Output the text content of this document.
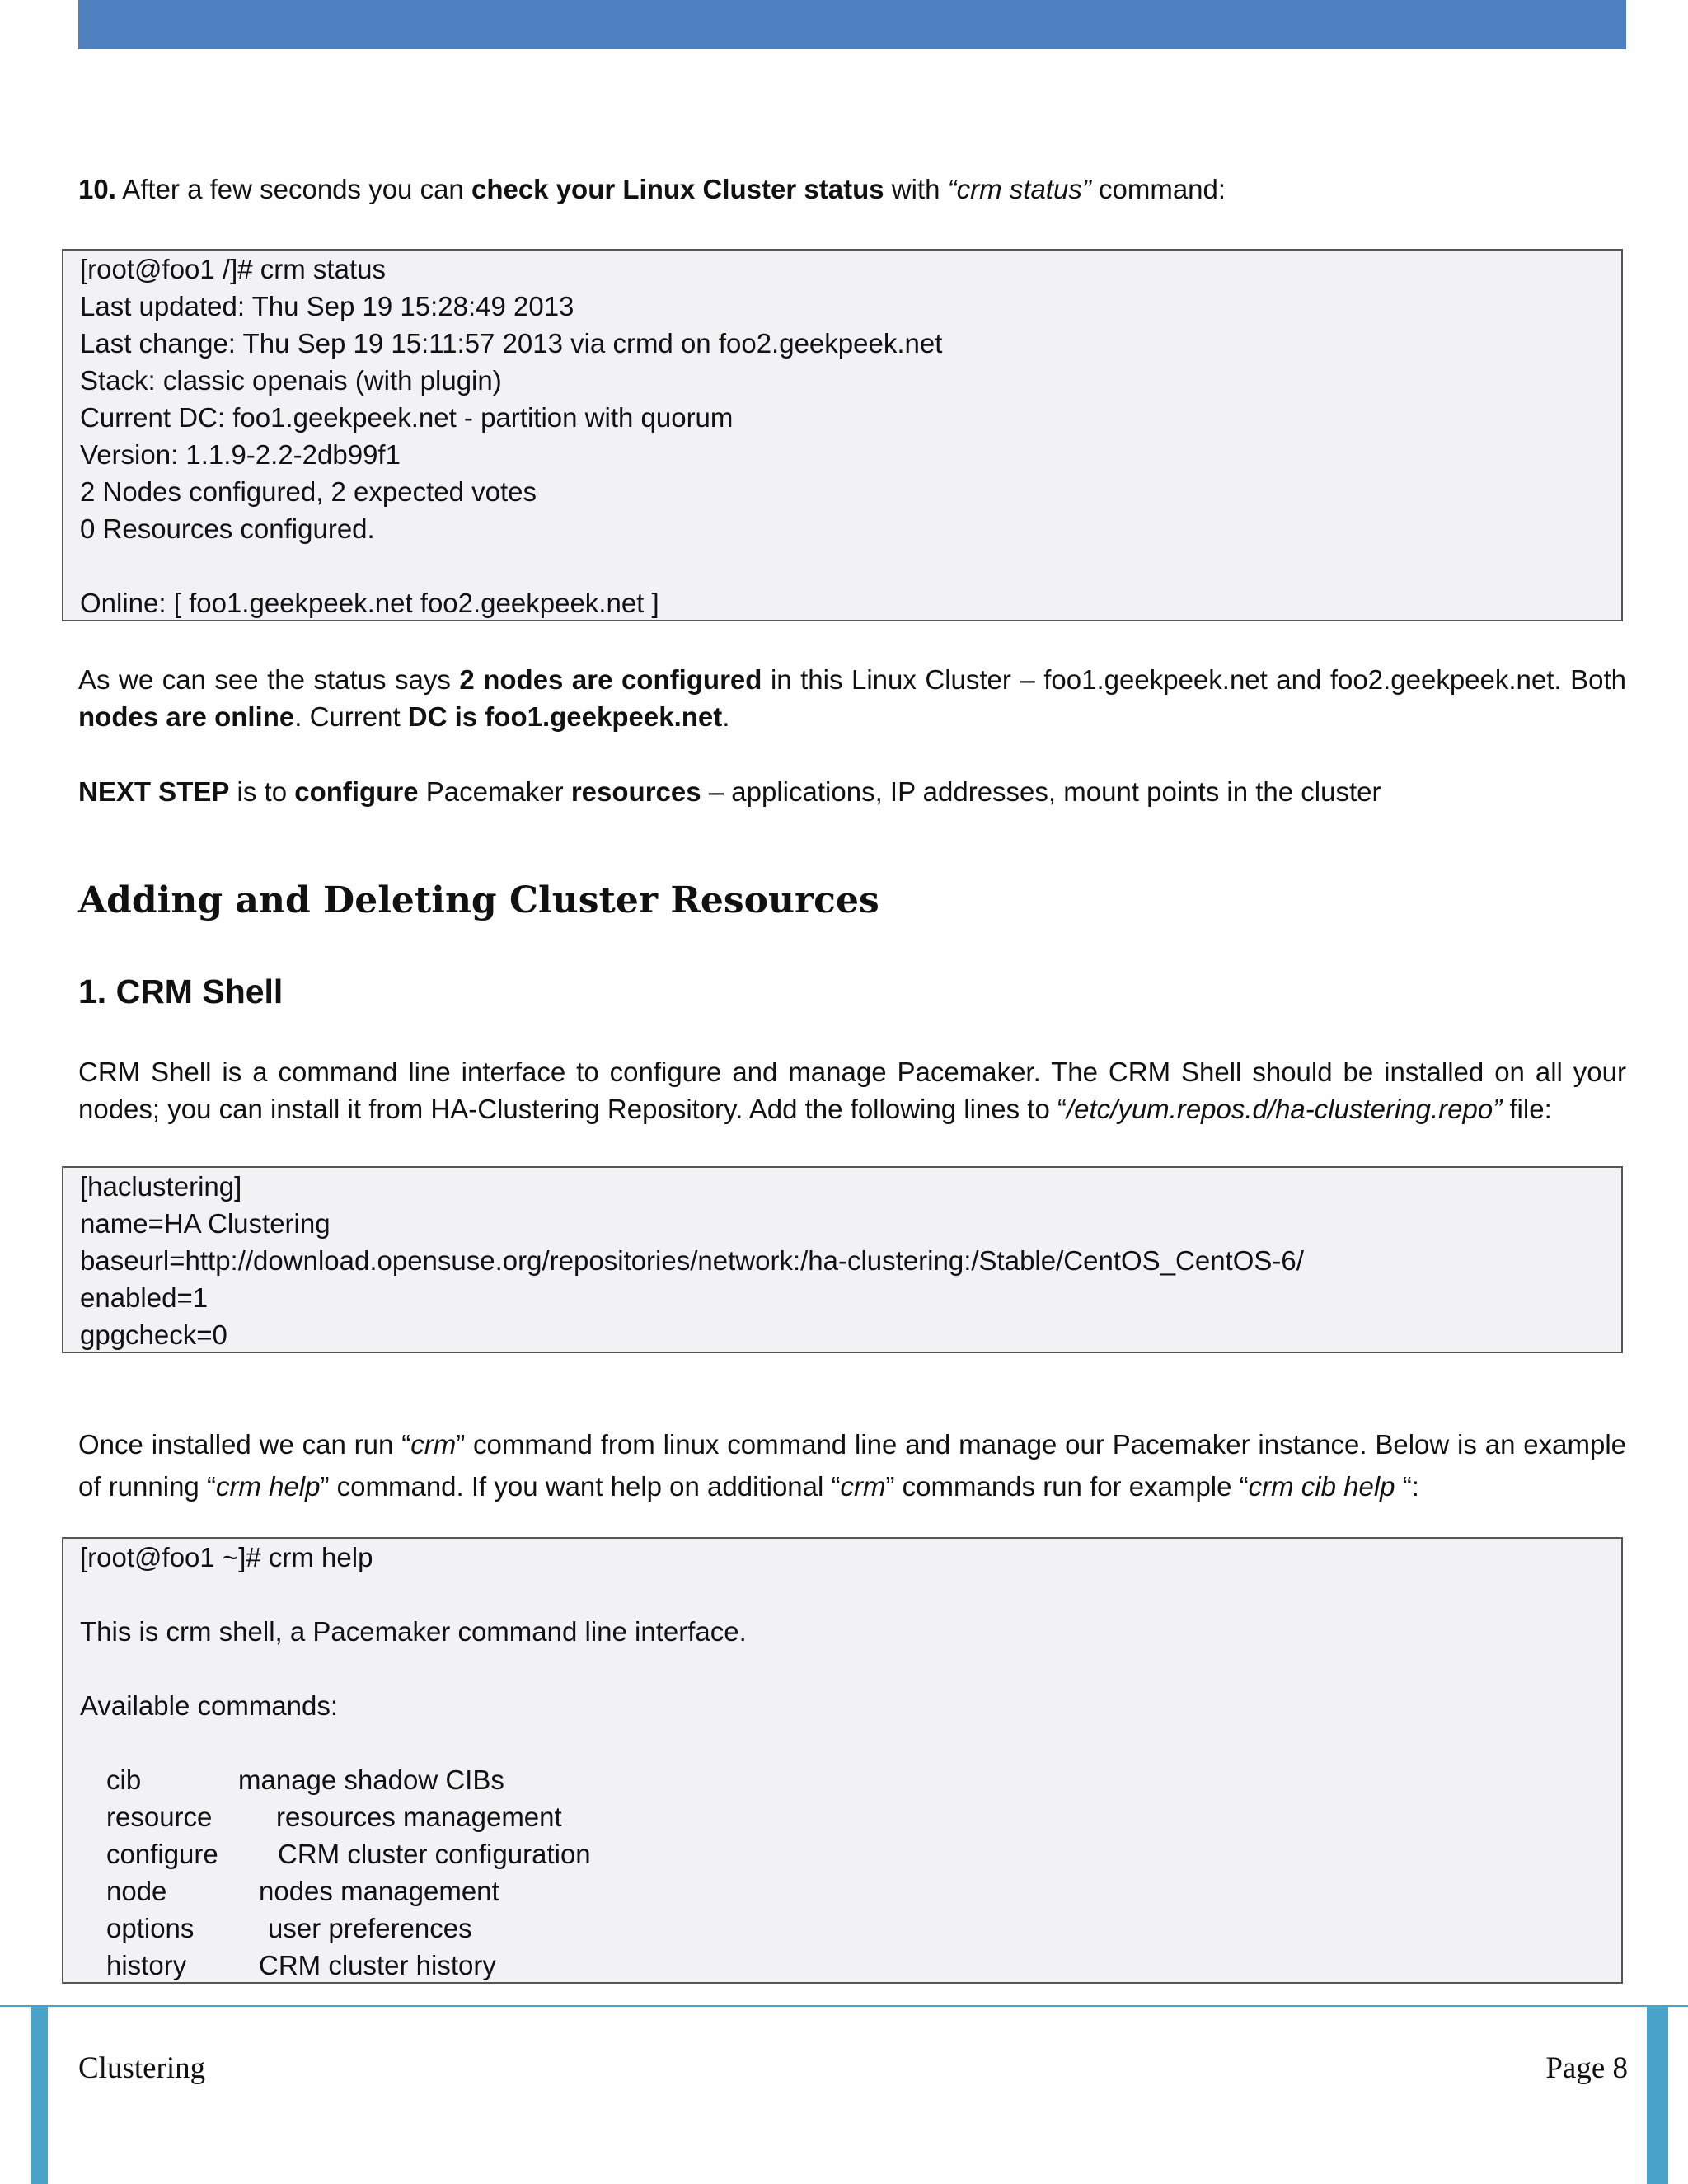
10. After a few seconds you can check your Linux Cluster status with “crm status” command:

[root@foo1 /]# crm status
Last updated: Thu Sep 19 15:28:49 2013
Last change: Thu Sep 19 15:11:57 2013 via crmd on foo2.geekpeek.net
Stack: classic openais (with plugin)
Current DC: foo1.geekpeek.net - partition with quorum
Version: 1.1.9-2.2-2db99f1
2 Nodes configured, 2 expected votes
0 Resources configured.
Online: [ foo1.geekpeek.net foo2.geekpeek.net ]

As we can see the status says 2 nodes are configured in this Linux Cluster – foo1.geekpeek.net and foo2.geekpeek.net. Both nodes are online. Current DC is foo1.geekpeek.net.

NEXT STEP is to configure Pacemaker resources – applications, IP addresses, mount points in the cluster

Adding and Deleting Cluster Resources
1. CRM Shell

CRM Shell is a command line interface to configure and manage Pacemaker. The CRM Shell should be installed on all your nodes; you can install it from HA-Clustering Repository. Add the following lines to “/etc/yum.repos.d/ha-clustering.repo” file:

[haclustering]
name=HA Clustering
baseurl=http://download.opensuse.org/repositories/network:/ha-clustering:/Stable/CentOS_CentOS-6/
enabled=1
gpgcheck=0

Once installed we can run “crm” command from linux command line and manage our Pacemaker instance. Below is an example of running “crm help” command. If you want help on additional “crm” commands run for example “crm cib help “:

[root@foo1 ~]# crm help
This is crm shell, a Pacemaker command line interface.
Available commands:
cib	manage shadow CIBs
resource	resources management
configure	CRM cluster configuration
node	nodes management
options	user preferences
history	CRM cluster history
Clustering	Page 8
